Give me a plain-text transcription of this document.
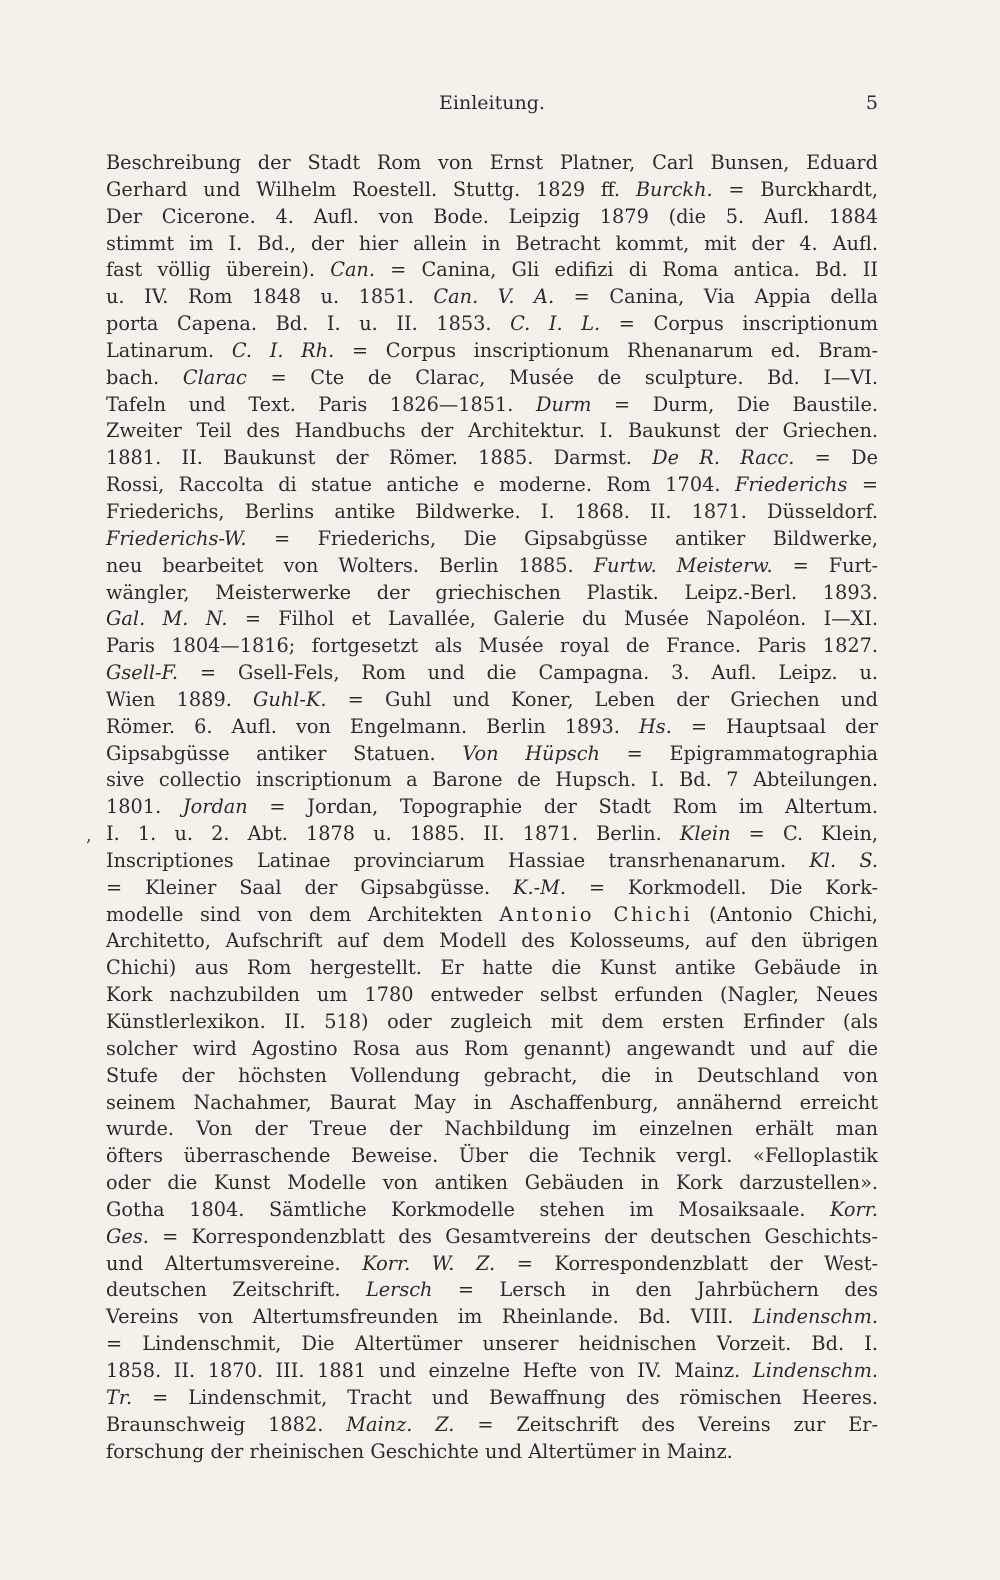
Einleitung.	5
,
Beschreibung der Stadt Rom von Ernst Platner, Carl Bunsen, Eduard
Gerhard und Wilhelm Roestell. Stuttg. 1829 ff. Burckh. = Burckhardt,
Der Cicerone. 4. Aufl. von Bode. Leipzig 1879 (die 5. Aufl. 1884
stimmt im I. Bd., der hier allein in Betracht kommt, mit der 4. Aufl.
fast völlig überein). Can. = Canina, Gli edifizi di Roma antica. Bd. II
u. IV. Rom 1848 u. 1851. Can. V. A. = Canina, Via Appia della
porta Capena. Bd. I. u. II. 1853. C. I. L. = Corpus inscriptionum
Latinarum. C. I. Rh. = Corpus inscriptionum Rhenanarum ed. Bram-
bach. Clarac = Cte de Clarac, Musée de sculpture. Bd. I—VI.
Tafeln und Text. Paris 1826—1851. Durm = Durm, Die Baustile.
Zweiter Teil des Handbuchs der Architektur. I. Baukunst der Griechen.
1881. II. Baukunst der Römer. 1885. Darmst. De R. Racc. = De
Rossi, Raccolta di statue antiche e moderne. Rom 1704. Friederichs =
Friederichs, Berlins antike Bildwerke. I. 1868. II. 1871. Düsseldorf.
Friederichs-W. = Friederichs, Die Gipsabgüsse antiker Bildwerke,
neu bearbeitet von Wolters. Berlin 1885. Furtw. Meisterw. = Furt-
wängler, Meisterwerke der griechischen Plastik. Leipz.-Berl. 1893.
Gal. M. N. = Filhol et Lavallée, Galerie du Musée Napoléon. I—XI.
Paris 1804—1816; fortgesetzt als Musée royal de France. Paris 1827.
Gsell-F. = Gsell-Fels, Rom und die Campagna. 3. Aufl. Leipz. u.
Wien 1889. Guhl-K. = Guhl und Koner, Leben der Griechen und
Römer. 6. Aufl. von Engelmann. Berlin 1893. Hs. = Hauptsaal der
Gipsabgüsse antiker Statuen. Von Hüpsch = Epigrammatographia
sive collectio inscriptionum a Barone de Hupsch. I. Bd. 7 Abteilungen.
1801. Jordan = Jordan, Topographie der Stadt Rom im Altertum.
I. 1. u. 2. Abt. 1878 u. 1885. II. 1871. Berlin. Klein = C. Klein,
Inscriptiones Latinae provinciarum Hassiae transrhenanarum. Kl. S.
= Kleiner Saal der Gipsabgüsse. K.-M. = Korkmodell. Die Kork-
modelle sind von dem Architekten Antonio Chichi (Antonio Chichi,
Architetto, Aufschrift auf dem Modell des Kolosseums, auf den übrigen
Chichi) aus Rom hergestellt. Er hatte die Kunst antike Gebäude in
Kork nachzubilden um 1780 entweder selbst erfunden (Nagler, Neues
Künstlerlexikon. II. 518) oder zugleich mit dem ersten Erfinder (als
solcher wird Agostino Rosa aus Rom genannt) angewandt und auf die
Stufe der höchsten Vollendung gebracht, die in Deutschland von
seinem Nachahmer, Baurat May in Aschaffenburg, annähernd erreicht
wurde. Von der Treue der Nachbildung im einzelnen erhält man
öfters überraschende Beweise. Über die Technik vergl. «Felloplastik
oder die Kunst Modelle von antiken Gebäuden in Kork darzustellen».
Gotha 1804. Sämtliche Korkmodelle stehen im Mosaiksaale. Korr.
Ges. = Korrespondenzblatt des Gesamtvereins der deutschen Geschichts-
und Altertumsvereine. Korr. W. Z. = Korrespondenzblatt der West-
deutschen Zeitschrift. Lersch = Lersch in den Jahrbüchern des
Vereins von Altertumsfreunden im Rheinlande. Bd. VIII. Lindenschm.
= Lindenschmit, Die Altertümer unserer heidnischen Vorzeit. Bd. I.
1858. II. 1870. III. 1881 und einzelne Hefte von IV. Mainz. Lindenschm.
Tr. = Lindenschmit, Tracht und Bewaffnung des römischen Heeres.
Braunschweig 1882. Mainz. Z. = Zeitschrift des Vereins zur Er-
forschung der rheinischen Geschichte und Altertümer in Mainz.
